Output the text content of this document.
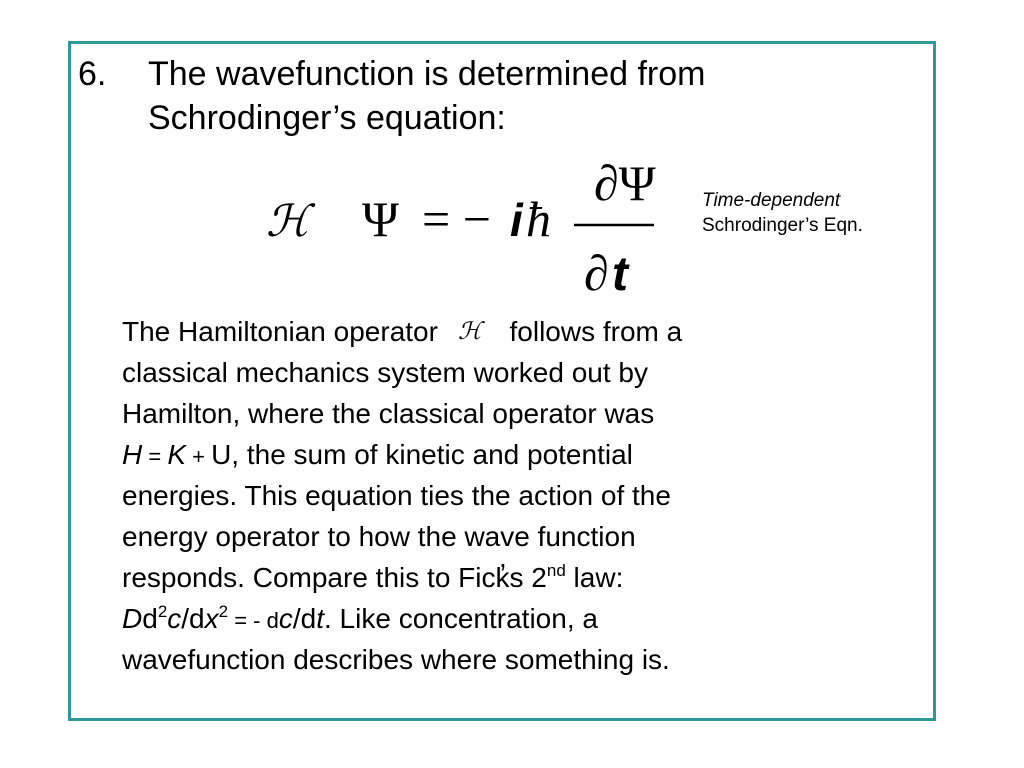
6. The wavefunction is determined from
Schrodinger’s equation:
ℋ Ψ = − i ħ
∂Ψ
∂ t
Time-dependent
Schrodinger’s Eqn.
The Hamiltonian operator ℋ follows from a
classical mechanics system worked out by
Hamilton, where the classical operator was
H = K + U, the sum of kinetic and potential
energies. This equation ties the action of the
energy operator to how the wave function
responds. Compare this to Ficks 2nd law:
$Dd^2c/dx^2$ = - dc/dt. Like concentration, a
wavefunction describes where something is.
